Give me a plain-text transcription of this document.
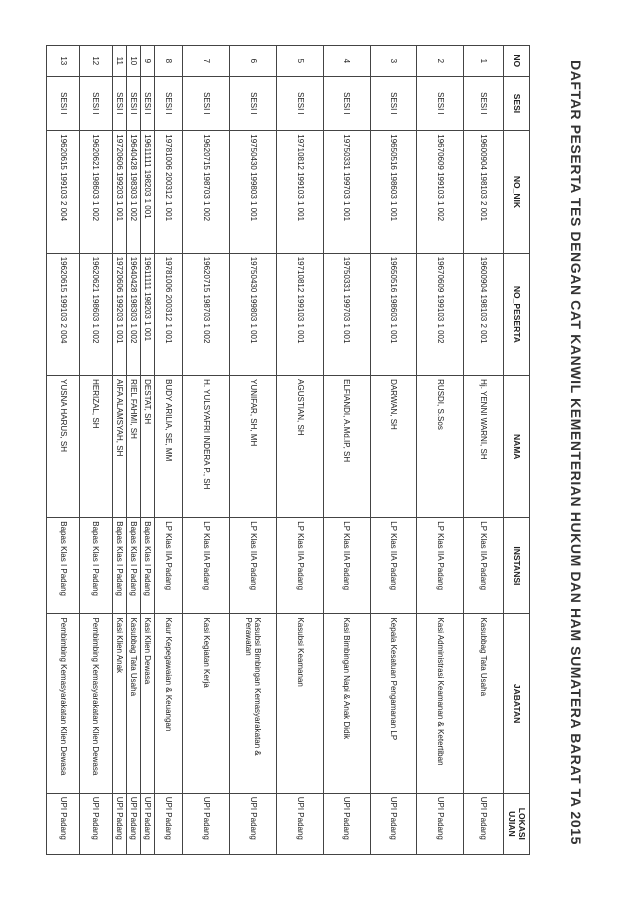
DAFTAR PESERTA TES DENGAN CAT KANWIL KEMENTERIAN HUKUM DAN HAM SUMATERA BARAT TA 2015
NO	SESI	NO_NIK	NO_PESERTA	NAMA	INSTANSI	JABATAN	LOKASI UJIAN
1	SESI I	19600904 198103 2 001	19600904 198103 2 001	Hj. YENNI WARNI, SH	LP Klas IIA Padang	Kasubbag Tata Usaha	UPI Padang
2	SESI I	19670609 199103 1 002	19670609 199103 1 002	RUSDI, S.Sos	LP Klas IIA Padang	Kasi Administrasi Keamanan & Ketertiban	UPI Padang
3	SESI I	19650516 198603 1 001	19650516 198603 1 001	DARWAN, SH	LP Klas IIA Padang	Kepala Kesatuan Pengamanan LP	UPI Padang
4	SESI I	19750331 199703 1 001	19750331 199703 1 001	ELFIANDI, A.Md.IP, SH	LP Klas IIA Padang	Kasi Bimbingan Napi & Anak Didik	UPI Padang
5	SESI I	19710812 199103 1 001	19710812 199103 1 001	AGUSTIAN, SH	LP Klas IIA Padang	Kasubsi Keamanan	UPI Padang
6	SESI I	19750430 199803 1 001	19750430 199803 1 001	YUNIFAR, SH, MH	LP Klas IIA Padang	Kasubsi Bimbingan Kemasyarakatan & Perawatan	UPI Padang
7	SESI I	19620715 198703 1 002	19620715 198703 1 002	H. YULSYAFRI INDERA P., SH	LP Klas IIA Padang	Kasi Kegiatan Kerja	UPI Padang
8	SESI I	19781006 200312 1 001	19781006 200312 1 001	BUDY ARILIA, SE, MM	LP Klas IIA Padang	Kaur Kepegawaian & Keuangan	UPI Padang
9	SESI I	19611111 198203 1 001	19611111 198203 1 001	DESTAT, SH	Bapas Klas I Padang	Kasi Klien Dewasa	UPI Padang
10	SESI I	19640428 198303 1 002	19640428 198303 1 002	RIEL FAHMI, SH	Bapas Klas I Padang	Kasubbag Tata Usaha	UPI Padang
11	SESI I	19720606 199203 1 001	19720606 199203 1 001	AIFA ALAMSYAH, SH	Bapas Klas I Padang	Kasi Klien Anak	UPI Padang
12	SESI I	19620621 198603 1 002	19620621 198603 1 002	HERIZAL, SH	Bapas Klas I Padang	Pembimbing Kemasyarakatan Klien Dewasa	UPI Padang
13	SESI I	19620615 199103 2 004	19620615 199103 2 004	YUSNA HARUS, SH	Bapas Klas I Padang	Pembimbing Kemasyarakatan Klien Dewasa	UPI Padang
